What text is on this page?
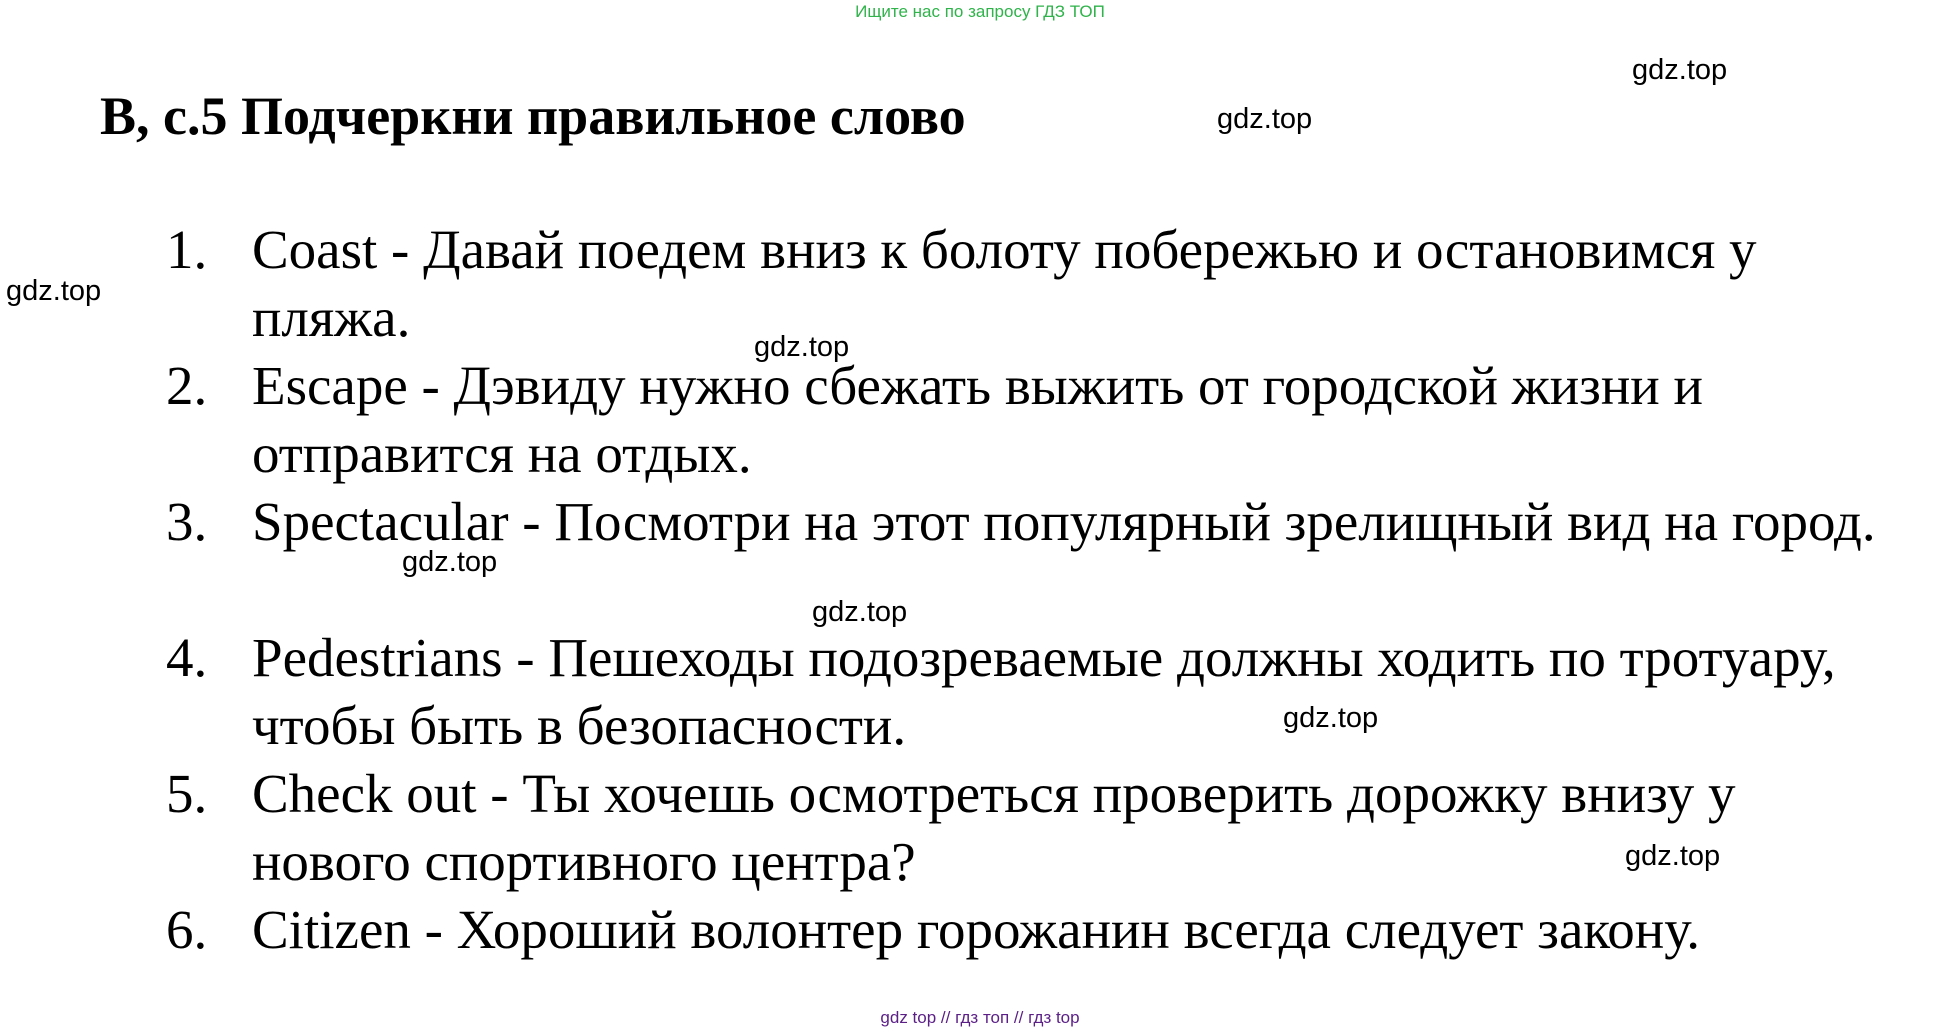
Ищите нас по запросу ГДЗ ТОП
B, c.5 Подчеркни правильное слово
1. Coast - Давай поедем вниз к болоту побережью и остановимся у пляжа.
2. Escape - Дэвиду нужно сбежать выжить от городской жизни и отправится на отдых.
3. Spectacular - Посмотри на этот популярный зрелищный вид на город.
4. Pedestrians - Пешеходы подозреваемые должны ходить по тротуару, чтобы быть в безопасности.
5. Check out - Ты хочешь осмотреться проверить дорожку внизу у нового спортивного центра?
6. Citizen - Хороший волонтер горожанин всегда следует закону.
gdz.top
gdz.top
gdz.top
gdz.top
gdz.top
gdz.top
gdz.top
gdz.top
gdz top // гдз топ // гдз top
